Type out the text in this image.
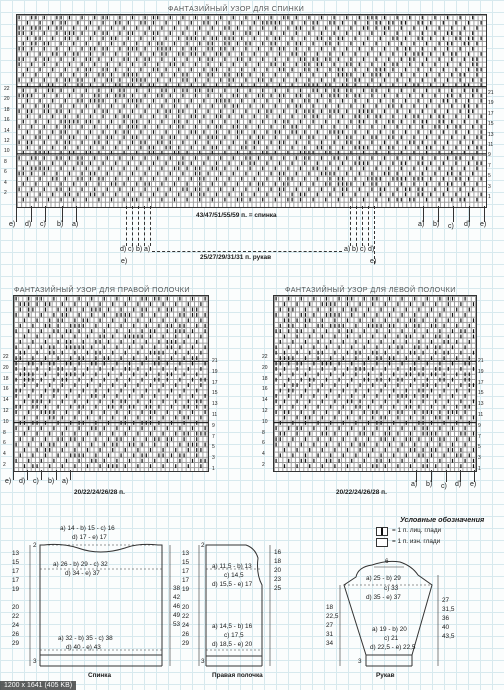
ФАНТАЗИЙНЫЙ УЗОР ДЛЯ СПИНКИ
22
20
18
16
14
12
10
8
6
4
2
21
19
17
15
13
11
9
7
5
3
1
e) d) c) b) a)	a) b) c) d) e)
43/47/51/55/59 п. = спинка
d) c) b) a)
e)
25/27/29/31/31 п. рукав
a) b) c) d)
e)
ФАНТАЗИЙНЫЙ УЗОР ДЛЯ ПРАВОЙ ПОЛОЧКИ
22
20
18
16
14
12
10
8
6
4
2
21
19
17
15
13
11
9
7
5
3
1
e) d) c) b) a)
20/22/24/26/28 п.
ФАНТАЗИЙНЫЙ УЗОР ДЛЯ ЛЕВОЙ ПОЛОЧКИ
22
20
18
16
14
12
10
8
6
4
2
21
19
17
15
13
11
9
7
5
3
1
a) b) c) d) e)
20/22/24/26/28 п.
a) 14 - b) 15 - c) 16
d) 17 - e) 17
2
13
15
17
17
19
a) 26 - b) 29 - c) 32
d) 34 - e) 37
38
42
46
49
53
20
22
24
26
29
a) 32 - b) 35 - c) 38
d) 40 - e) 43
3
Спинка
2
13
15
17
17
19
a) 11,5 - b) 13
c) 14,5
d) 15,5 - e) 17
16
18
20
23
25
20
22
24
26
29
a) 14,5 - b) 16
c) 17,5
d) 18,5 - e) 20
3
Правая полочка
6
a) 25 - b) 29
c) 33
d) 35 - e) 37
18
22,5
27
31
34
27
31,5
36
40
43,5
a) 19 - b) 20
c) 21
d) 22,5 - e) 22,5
3
Рукав
Условные обозначения
= 1 п. лиц. глади
= 1 п. изн. глади
1200 x 1641 (405 KB)
